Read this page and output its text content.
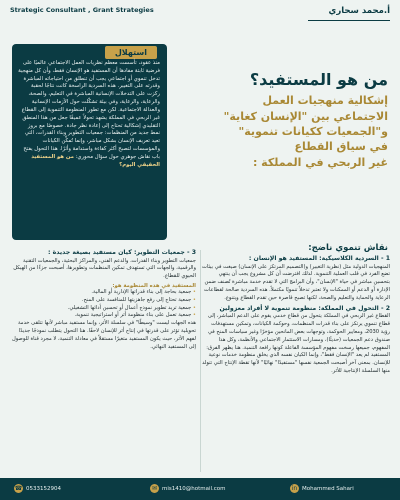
Strategic Consultant , Grant Strategies	أ.محمد سحاري
استهلال
منذ عقود، تأسست معظم نظريات العمل الاجتماعي عالميًا على فرضية ثابتة مفادها أن المستفيد هو الإنسان فقط، وأن كل منهجية تدخل تنموي أو اجتماعي يجب أن تنطلق من احتياجاته المباشرة وقدرته على التغيير. هذه السردية الراسخة كانت نتاجًا لحقبة ركزت على التدخلات الإنسانية المباشرة في التعليم، والصحة، والرعاية، والرعاية، وفي بيئة تشكّلت حول الأزمات الإنسانية والعدالة الاجتماعية. لكن مع تطور المنظومة التنموية إلى القطاع غير الربحي في المملكة يشهد تحولاً عميقًا جعل من هذا المنطق التقليدي إشكالية تحتاج إلى إعادة نظر جادة. خصوصًا مع بروز نمط جديد من المنظمات: جمعيات التطوير وبناء القدرات، التي تعيد تعريف الإنسان بشكل مباشر، وإنما تُمكِّن الكيانات والمؤسسات لتصبح أكثر كفاءة واستدامة وأثرًا. هذا التحول يفتح باب نقاش جوهري حول سؤال محوري: من هو المستفيد الحقيقي اليوم؟
من هو المستفيد؟
إشكالية منهجيات العمل
الاجتماعي بين "الإنسان كغاية"
و"الجمعيات ككيانات تنموية"
في سياق القطاع
غير الربحي في المملكة :
نقاش تنموي ناضج:
1 - السردية الكلاسيكية: المستفيد هو الإنسان :
المنهجيات الدولية مثل (نظرية التغيير) و(التصميم المرتكز على الإنسان) صيغت في بيئات تضع الفرد في قلب العملية التنموية. لذلك افترضت أن كل مشروع يجب أن ينتهي بتحسين مباشر في حياة "الإنسان"، وأن البرامج التي لا تقدم خدمة مباشرة تُصنف ضمن الإدارة أو الدعم أو الممكنات ولا تعتبر تدخلاً تنمويًا مكتملاً. هذه السردية صالحة لقطاعات الرعاية والحماية والتعليم والصحة، لكنها تصبح قاصرة حين تقدم القطاع ويتنوع.
2 - التحول في المملكة: منظومة تنموية لا أفراد معزولين
القطاع غير الربحي في المملكة يتحول من قطاع خدمي يقوم على الدعم المباشر، إلى قطاع تنموي يرتكز على بناء قدرات المنظمات، وحوكمة الكيانات، وتمكين مستهدفات رؤية 2030، ومعايير الحوكمة، وتوجهات بعض المانحين مؤخرًا وغير سياسات المنح في صندوق دعم الجمعيات (حديثًا)، ومسارات الاستثمار الاجتماعي والأنظمة، وكل هذا المفهوم، جميعها رسخت مفهوم المؤسسة الفاعلة كونها رافعة التنمية. هنا يظهر الفرق: المستفيد لم يعد "الإنسان فقط"، وإنما الكيان نفسه الذي يخلق منظومة خدمات نوعية للإنسان. بمعنى آخر أصبحت الجمعية نفسها "مستفيدًا" نهائيًا" لأنها تقطة الإنتاج التي تتولد منها السلسلة الإنتاجية للأثر.
3 - جمعيات التطوير: كيان مستفيد بصيغة جديدة :
جمعيات التطوير وبناء القدرات، والدعم الفني، والمراكز البحثية، والجمعيات التقنية والرقمية، والجهات التي تستهدف تمكين المنظمات وتطويرها، أصبحت جزءًا من الهيكل الحيوي للقطاع.
المستفيد في هذه المنظومة هو:
• جمعية بحاجة إلى بناء قدراتها الإدارية أو المالية.
• جمعية تحتاج إلى رفع جاهزيتها للمنافسة على المنح.
• جمعية تريد تطوير نموذج أعمال أو تحسين أدائها التشغيلي.
• جمعية تعمل على بناء منظومة أثر أو استراتيجية تنموية.
هذه الجهات ليست "وسيطًا" في سلسلة الأثر، وإنما مستفيد مباشر لأنها تتلقى خدمة تحويلية تؤثر على قدرتها في إنتاج أثر للإنسان لاحقًا. هنا التحول يتطلب نموذجًا جديدًا لفهم الأثر، حيث يكون المستفيد متغيرًا مستقلاً في معادلة التنمية، لا مجرد قناة للوصول إلى المستفيد النهائي.
☎ 0533152904	✉ mis1410@hotmail.com	in Mohammed Sahari
